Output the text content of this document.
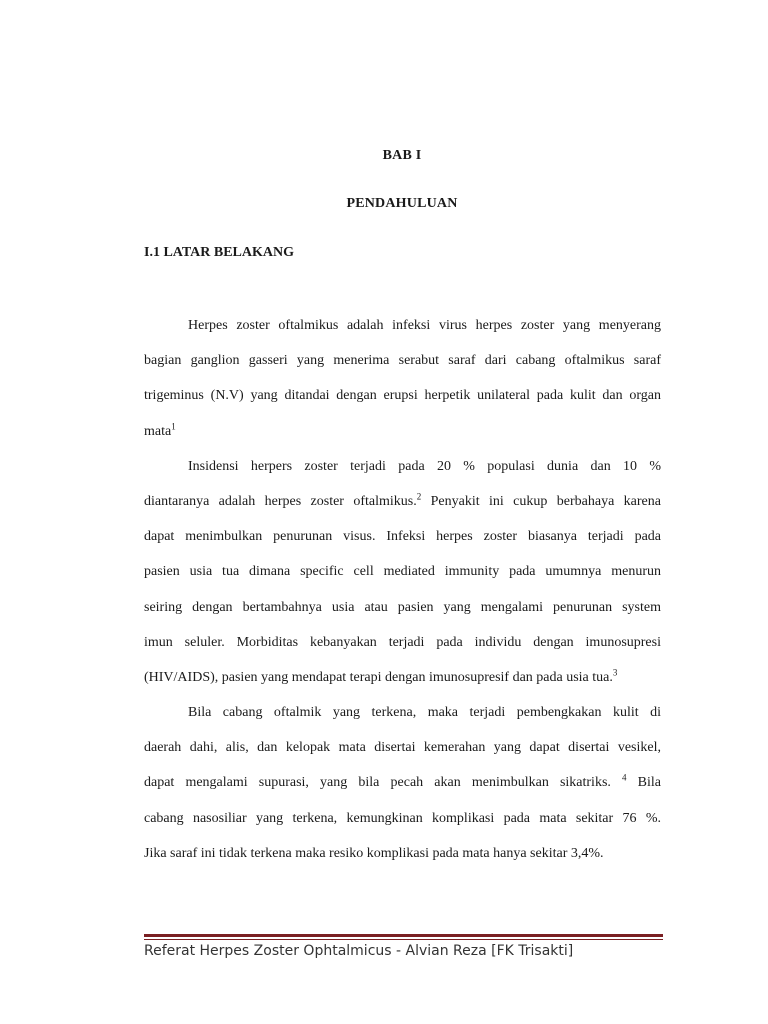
BAB I
PENDAHULUAN
I.1 LATAR BELAKANG
Herpes zoster oftalmikus adalah infeksi virus herpes zoster yang menyerang
bagian ganglion gasseri yang menerima serabut saraf dari cabang oftalmikus saraf
trigeminus (N.V) yang ditandai dengan erupsi herpetik unilateral pada kulit dan organ
mata$^1$
Insidensi herpers zoster terjadi pada 20 % populasi dunia dan 10 %
diantaranya adalah herpes zoster oftalmikus.$^2$ Penyakit ini cukup berbahaya karena
dapat menimbulkan penurunan visus. Infeksi herpes zoster biasanya terjadi pada
pasien usia tua dimana specific cell mediated immunity pada umumnya menurun
seiring dengan bertambahnya usia atau pasien yang mengalami penurunan system
imun seluler. Morbiditas kebanyakan terjadi pada individu dengan imunosupresi
(HIV/AIDS), pasien yang mendapat terapi dengan imunosupresif dan pada usia tua.$^3$
Bila cabang oftalmik yang terkena, maka terjadi pembengkakan kulit di
daerah dahi, alis, dan kelopak mata disertai kemerahan yang dapat disertai vesikel,
dapat mengalami supurasi, yang bila pecah akan menimbulkan sikatriks. $^4$ Bila
cabang nasosiliar yang terkena, kemungkinan komplikasi pada mata sekitar 76 %.
Jika saraf ini tidak terkena maka resiko komplikasi pada mata hanya sekitar 3,4%.
Referat Herpes Zoster Ophtalmicus - Alvian Reza [FK Trisakti]
